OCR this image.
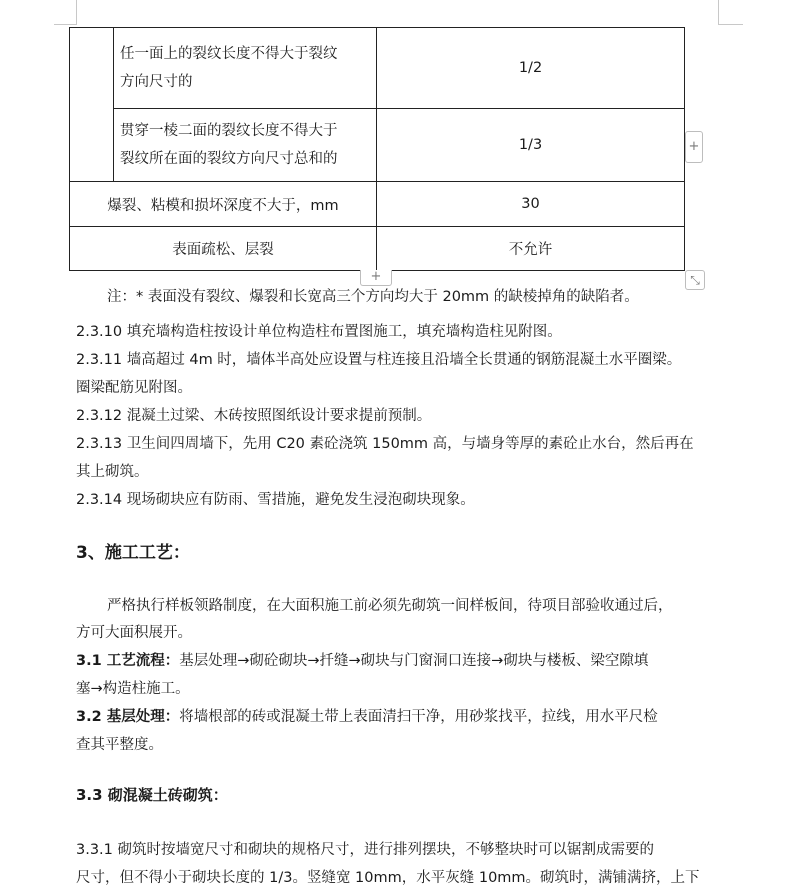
	任一面上的裂纹长度不得大于裂纹
方向尺寸的	1/2

	贯穿一棱二面的裂纹长度不得大于
裂纹所在面的裂纹方向尺寸总和的	1/3
爆裂、粘模和损坏深度不大于，mm		30
表面疏松、层裂		不允许
+
+	⤡
注：* 表面没有裂纹、爆裂和长宽高三个方向均大于 20mm 的缺棱掉角的缺陷者。
2.3.10 填充墙构造柱按设计单位构造柱布置图施工，填充墙构造柱见附图。
2.3.11 墙高超过 4m 时，墙体半高处应设置与柱连接且沿墙全长贯通的钢筋混凝土水平圈梁。
圈梁配筋见附图。
2.3.12 混凝土过梁、木砖按照图纸设计要求提前预制。
2.3.13 卫生间四周墙下，先用 C20 素砼浇筑 150mm 高，与墙身等厚的素砼止水台，然后再在
其上砌筑。
2.3.14 现场砌块应有防雨、雪措施，避免发生浸泡砌块现象。
3、施工工艺：
严格执行样板领路制度，在大面积施工前必须先砌筑一间样板间，待项目部验收通过后，
方可大面积展开。
3.1 工艺流程：基层处理→砌砼砌块→扦缝→砌块与门窗洞口连接→砌块与楼板、梁空隙填
塞→构造柱施工。
3.2 基层处理：将墙根部的砖或混凝土带上表面清扫干净，用砂浆找平，拉线，用水平尺检
查其平整度。
3.3 砌混凝土砖砌筑：
3.3.1 砌筑时按墙宽尺寸和砌块的规格尺寸，进行排列摆块，不够整块时可以锯割成需要的
尺寸，但不得小于砌块长度的 1/3。竖缝宽 10mm，水平灰缝 10mm。砌筑时，满铺满挤，上下
